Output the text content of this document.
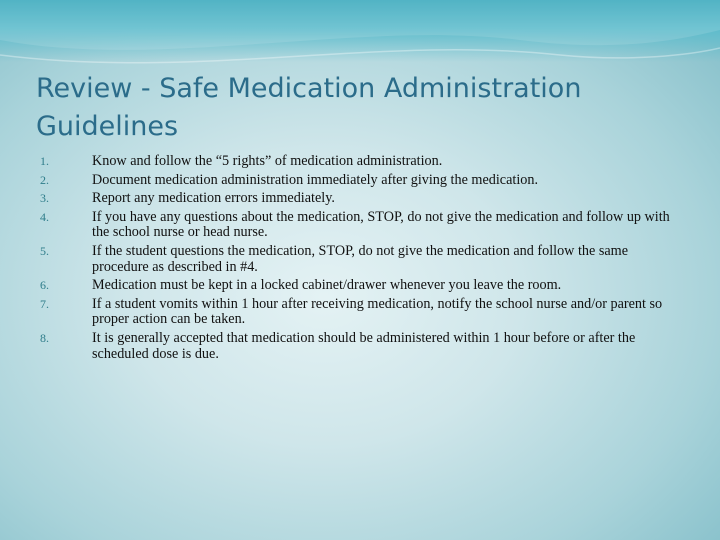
Review - Safe Medication Administration Guidelines
1.	Know and follow the “5 rights” of medication administration.
2.	Document medication administration immediately after giving the medication.
3.	Report any medication errors immediately.
4.	If you have any questions about the medication, STOP, do not give the medication and follow up with the school nurse or head nurse.
5.	If the student questions the medication, STOP, do not give the medication and follow the same procedure as described in #4.
6.	Medication must be kept in a locked cabinet/drawer whenever you leave the room.
7.	If a student vomits within 1 hour after receiving medication, notify the school nurse and/or parent so proper action can be taken.
8.	It is generally accepted that medication should be administered within 1 hour before or after the scheduled dose is due.
